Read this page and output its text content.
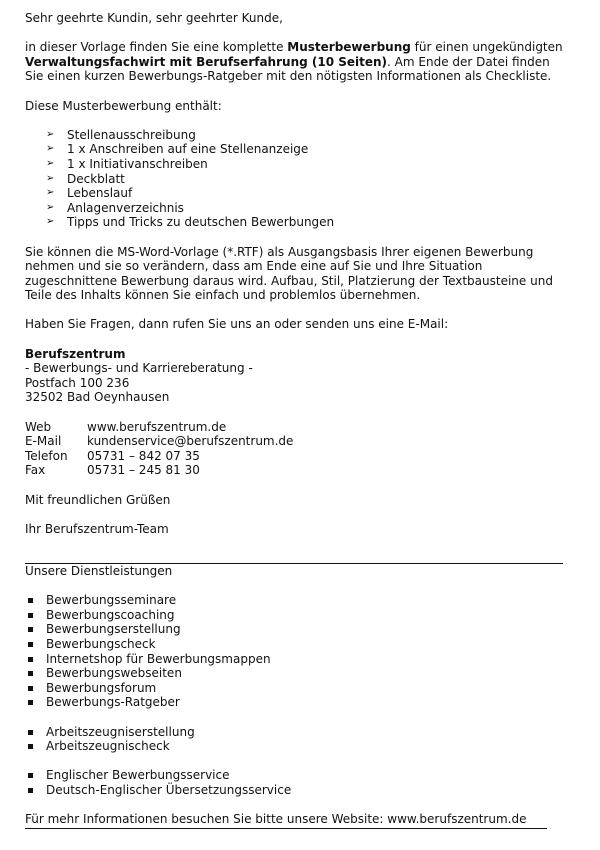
Sehr geehrte Kundin, sehr geehrter Kunde,

in dieser Vorlage finden Sie eine komplette Musterbewerbung für einen ungekündigten Verwaltungsfachwirt mit Berufserfahrung (10 Seiten). Am Ende der Datei finden Sie einen kurzen Bewerbungs-Ratgeber mit den nötigsten Informationen als Checkliste.

Diese Musterbewerbung enthält:

➢ Stellenausschreibung
➢ 1 x Anschreiben auf eine Stellenanzeige
➢ 1 x Initiativanschreiben
➢ Deckblatt
➢ Lebenslauf
➢ Anlagenverzeichnis
➢ Tipps und Tricks zu deutschen Bewerbungen

Sie können die MS-Word-Vorlage (*.RTF) als Ausgangsbasis Ihrer eigenen Bewerbung nehmen und sie so verändern, dass am Ende eine auf Sie und Ihre Situation zugeschnittene Bewerbung daraus wird. Aufbau, Stil, Platzierung der Textbausteine und Teile des Inhalts können Sie einfach und problemlos übernehmen.

Haben Sie Fragen, dann rufen Sie uns an oder senden uns eine E-Mail:

Berufszentrum

- Bewerbungs- und Karriereberatung -

Postfach 100 236

32502 Bad Oeynhausen

Web	www.berufszentrum.de
E-Mail	kundenservice@berufszentrum.de
Telefon	05731 – 842 07 35
Fax	05731 – 245 81 30

Mit freundlichen Grüßen

Ihr Berufszentrum-Team

Unsere Dienstleistungen

Bewerbungsseminare
Bewerbungscoaching
Bewerbungserstellung
Bewerbungscheck
Internetshop für Bewerbungsmappen
Bewerbungswebseiten
Bewerbungsforum
Bewerbungs-Ratgeber
Arbeitszeugniserstellung
Arbeitszeugnischeck
Englischer Bewerbungsservice
Deutsch-Englischer Übersetzungsservice

Für mehr Informationen besuchen Sie bitte unsere Website: www.berufszentrum.de
